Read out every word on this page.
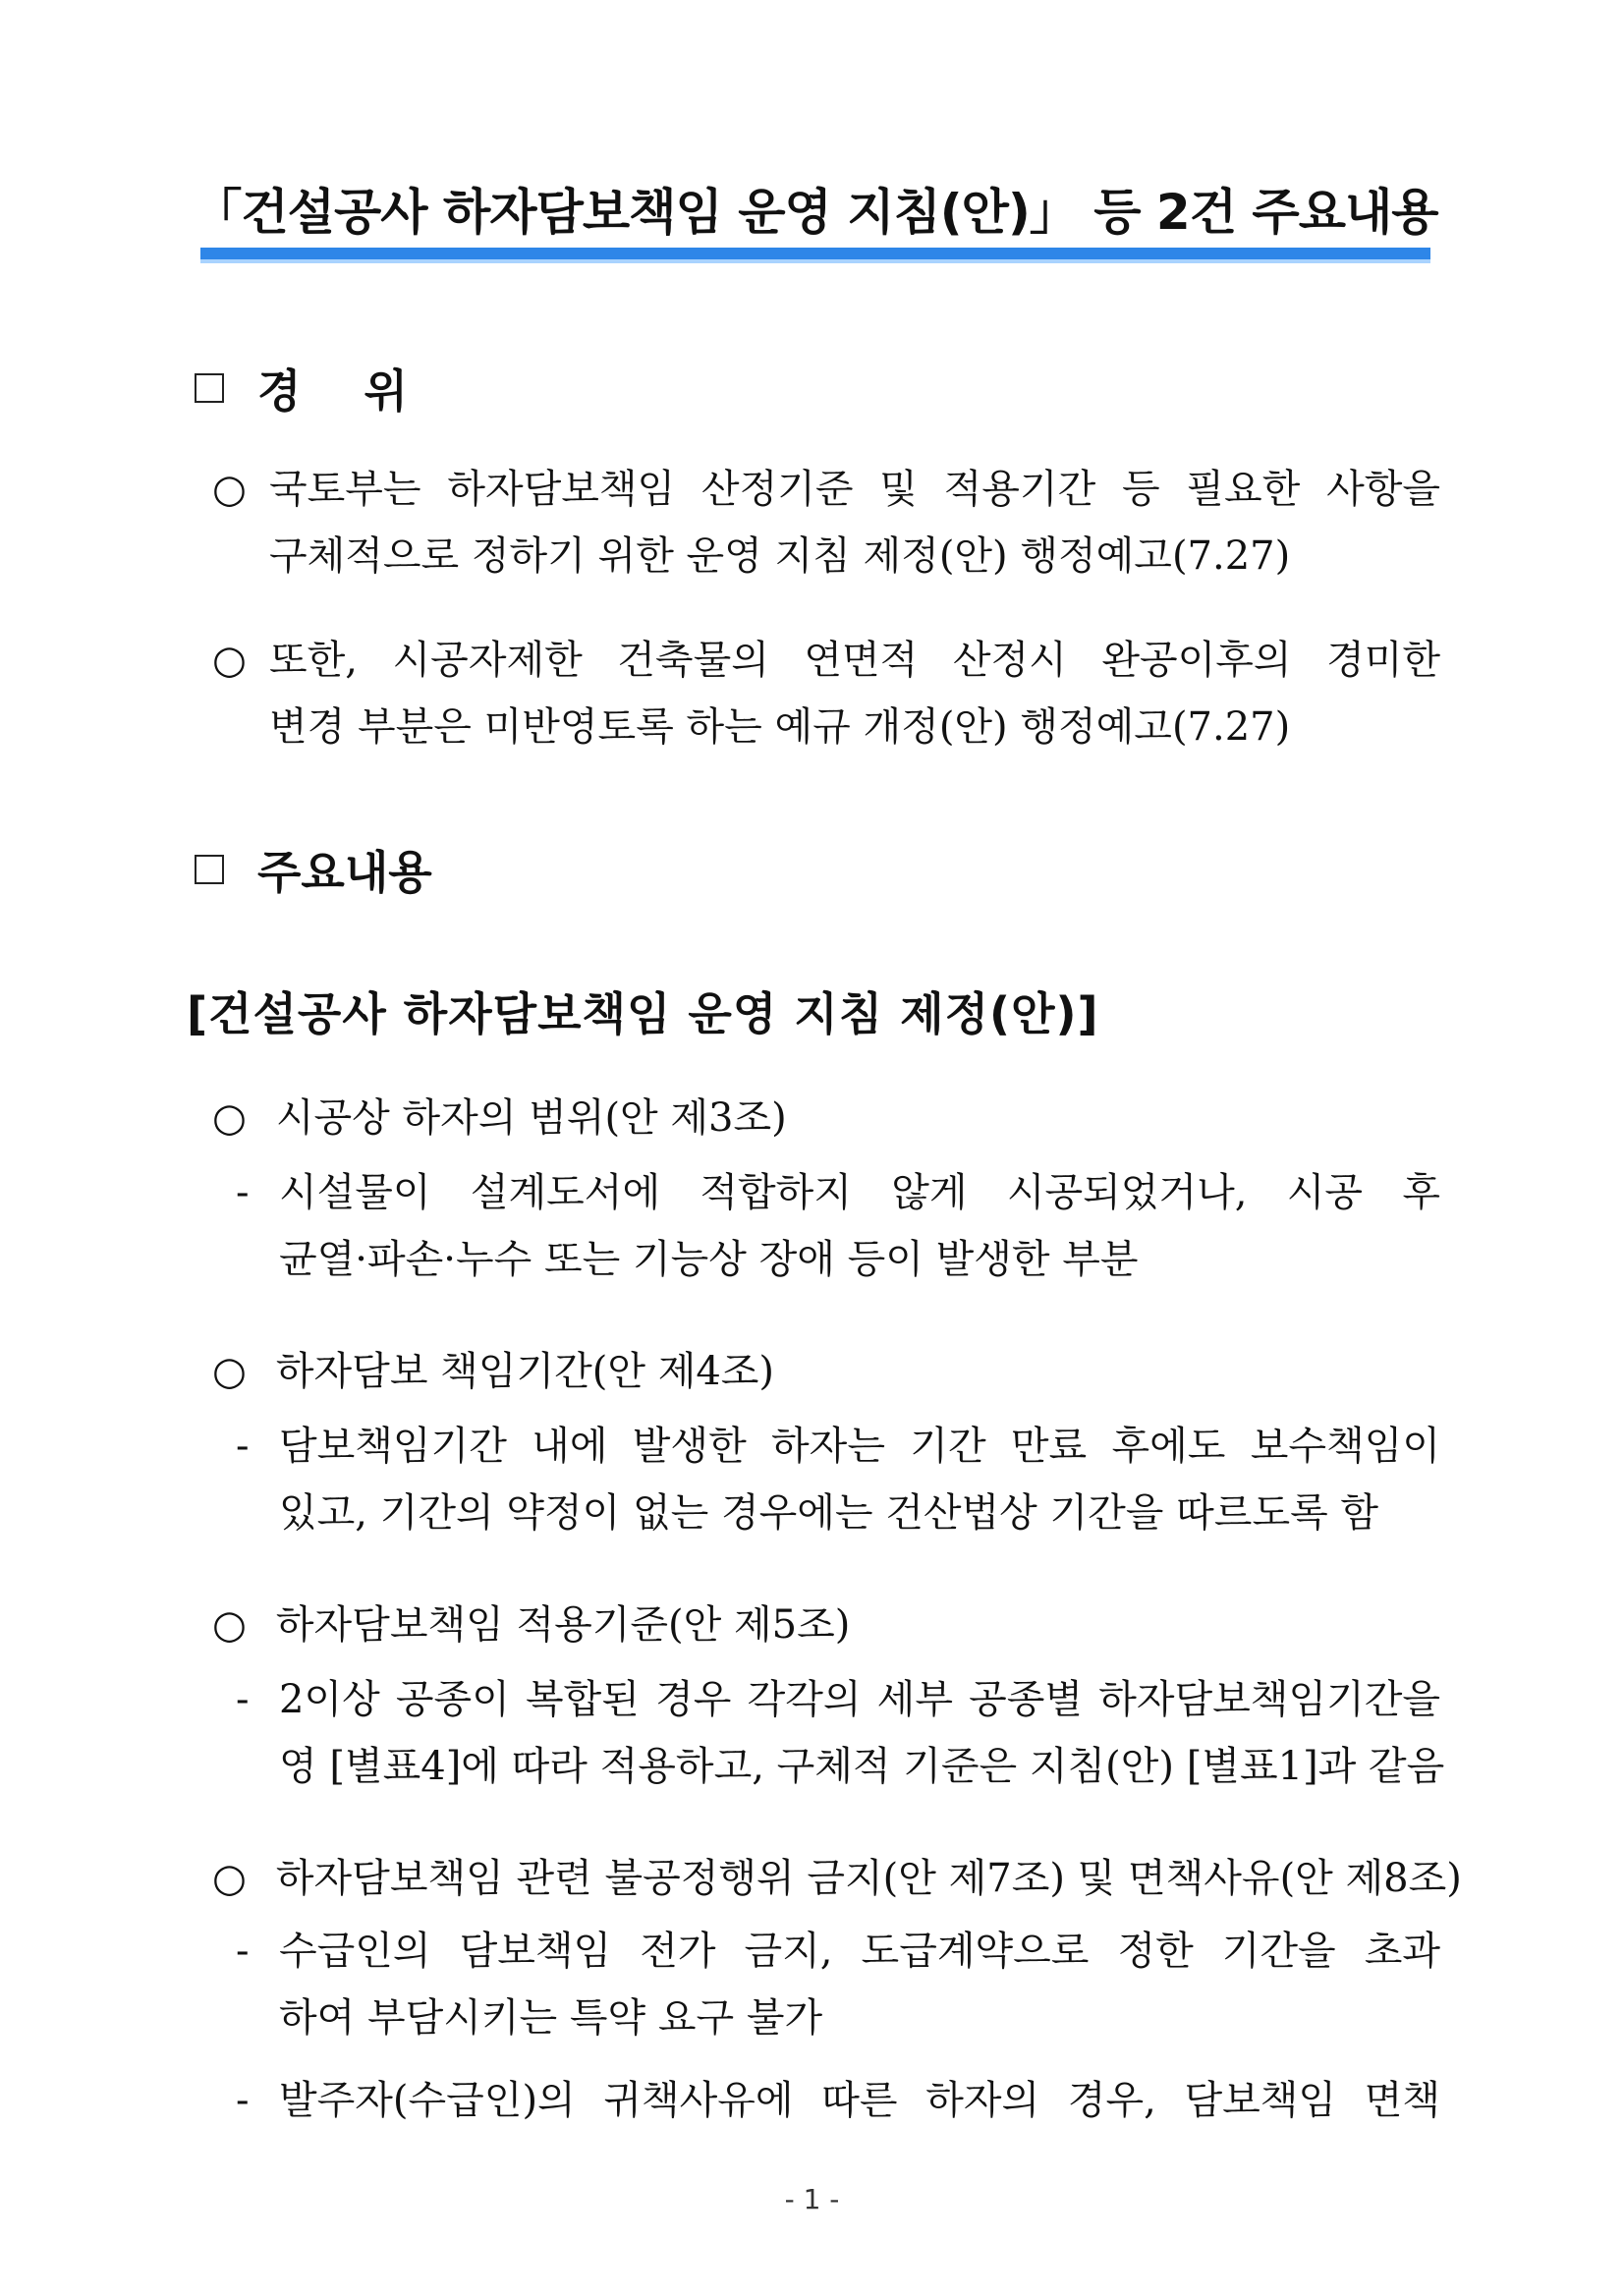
「건설공사 하자담보책임 운영 지침(안)」 등 2건 주요내용
경    위
○ 국토부는 하자담보책임 산정기준 및 적용기간 등 필요한 사항을
구체적으로 정하기 위한 운영 지침 제정(안) 행정예고(7.27)
○ 또한, 시공자제한 건축물의 연면적 산정시 완공이후의 경미한
변경 부분은 미반영토록 하는 예규 개정(안) 행정예고(7.27)
주요내용
[건설공사 하자담보책임 운영 지침 제정(안)]
○ 시공상 하자의 범위(안 제3조)
- 시설물이 설계도서에 적합하지 않게 시공되었거나, 시공 후
균열·파손·누수 또는 기능상 장애 등이 발생한 부분
○ 하자담보 책임기간(안 제4조)
- 담보책임기간 내에 발생한 하자는 기간 만료 후에도 보수책임이
있고, 기간의 약정이 없는 경우에는 건산법상 기간을 따르도록 함
○ 하자담보책임 적용기준(안 제5조)
- 2이상 공종이 복합된 경우 각각의 세부 공종별 하자담보책임기간을
영 [별표4]에 따라 적용하고, 구체적 기준은 지침(안) [별표1]과 같음
○ 하자담보책임 관련 불공정행위 금지(안 제7조) 및 면책사유(안 제8조)
- 수급인의 담보책임 전가 금지, 도급계약으로 정한 기간을 초과
하여 부담시키는 특약 요구 불가
- 발주자(수급인)의 귀책사유에 따른 하자의 경우, 담보책임 면책
- 1 -
